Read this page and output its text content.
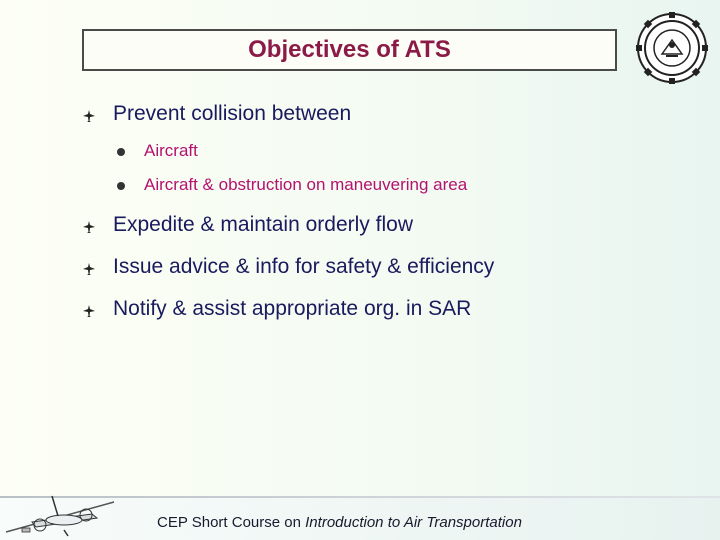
Objectives of ATS
Prevent collision between
Aircraft
Aircraft & obstruction on maneuvering area
Expedite & maintain orderly flow
Issue advice & info for safety & efficiency
Notify & assist appropriate org. in SAR
CEP Short Course on Introduction to Air Transportation
